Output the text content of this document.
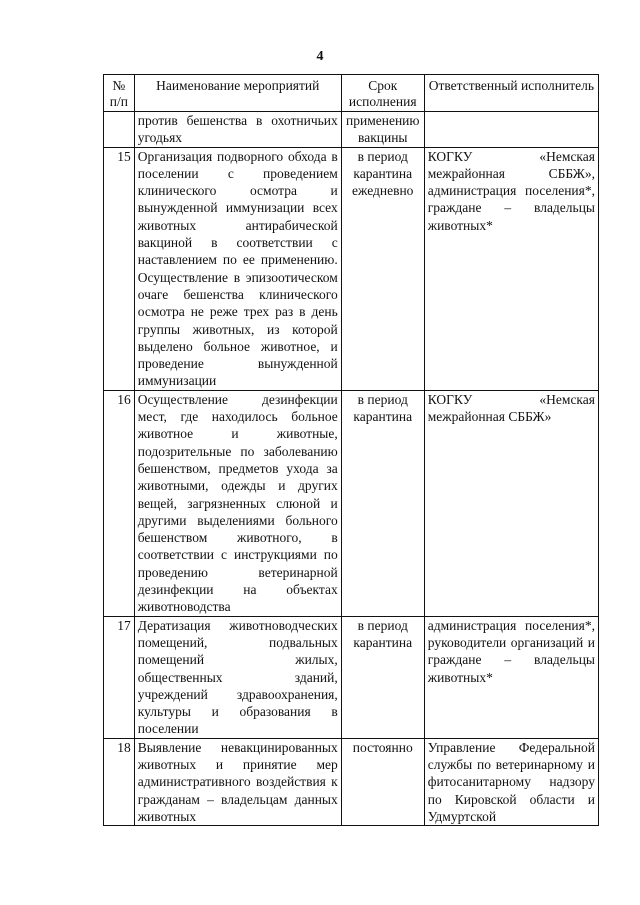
4
№ п/п	Наименование мероприятий	Срок исполнения	Ответственный исполнитель
	против бешенства в охотничьих угодьях	применению вакцины	
15	Организация подворного обхода в поселении с проведением клинического осмотра и вынужденной иммунизации всех животных антирабической вакциной в соответствии с наставлением по ее применению. Осуществление в эпизоотическом очаге бешенства клинического осмотра не реже трех раз в день группы животных, из которой выделено больное животное, и проведение вынужденной иммунизации	в период карантина ежедневно	КОГКУ «Немская межрайонная СББЖ», администрация поселения*, граждане – владельцы животных*
16	Осуществление дезинфекции мест, где находилось больное животное и животные, подозрительные по заболеванию бешенством, предметов ухода за животными, одежды и других вещей, загрязненных слюной и другими выделениями больного бешенством животного, в соответствии с инструкциями по проведению ветеринарной дезинфекции на объектах животноводства	в период карантина	КОГКУ «Немская межрайонная СББЖ»
17	Дератизация животноводческих помещений, подвальных помещений жилых, общественных зданий, учреждений здравоохранения, культуры и образования в поселении	в период карантина	администрация поселения*, руководители организаций и граждане – владельцы животных*
18	Выявление невакцинированных животных и принятие мер административного воздействия к гражданам – владельцам данных животных	постоянно	Управление Федеральной службы по ветеринарному и фитосанитарному надзору по Кировской области и Удмуртской
